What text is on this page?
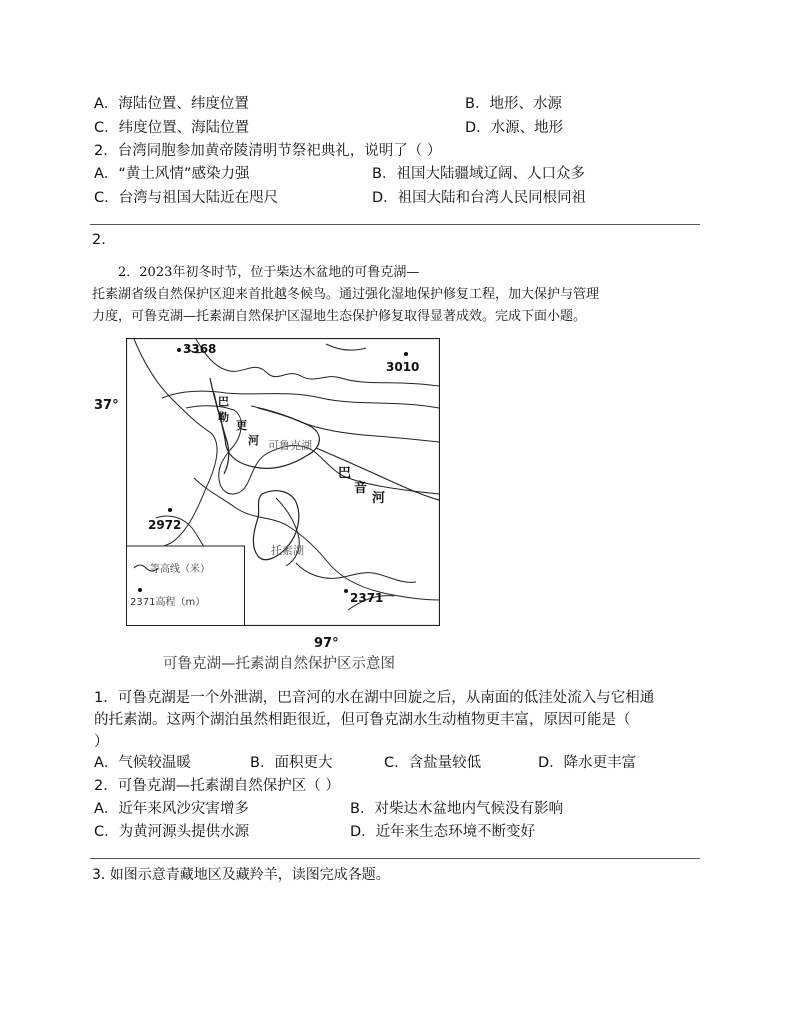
A．海陆位置、纬度位置	B．地形、水源
C．纬度位置、海陆位置	D．水源、地形
2．台湾同胞参加黄帝陵清明节祭祀典礼，说明了（ ）
A．“黄土风情”感染力强	B．祖国大陆疆域辽阔、人口众多
C．台湾与祖国大陆近在咫尺	D．祖国大陆和台湾人民同根同祖
2.
2．2023年初冬时节，位于柴达木盆地的可鲁克湖—
托素湖省级自然保护区迎来首批越冬候鸟。通过强化湿地保护修复工程，加大保护与管理
力度，可鲁克湖—托素湖自然保护区湿地生态保护修复取得显著成效。完成下面小题。
37°
97°
3368
3010
2972
2371
巴
勒
更
河
巴
音
河
可鲁克湖
托素湖
等高线（米）
2371高程（m）
可鲁克湖—托素湖自然保护区示意图
1．可鲁克湖是一个外泄湖，巴音河的水在湖中回旋之后，从南面的低洼处流入与它相通
的托素湖。这两个湖泊虽然相距很近，但可鲁克湖水生动植物更丰富，原因可能是（
）
A．气候较温暖	B．面积更大	C．含盐量较低	D．降水更丰富
2．可鲁克湖—托素湖自然保护区（ ）
A．近年来风沙灾害增多	B．对柴达木盆地内气候没有影响
C．为黄河源头提供水源	D．近年来生态环境不断变好
3. 如图示意青藏地区及藏羚羊，读图完成各题。
